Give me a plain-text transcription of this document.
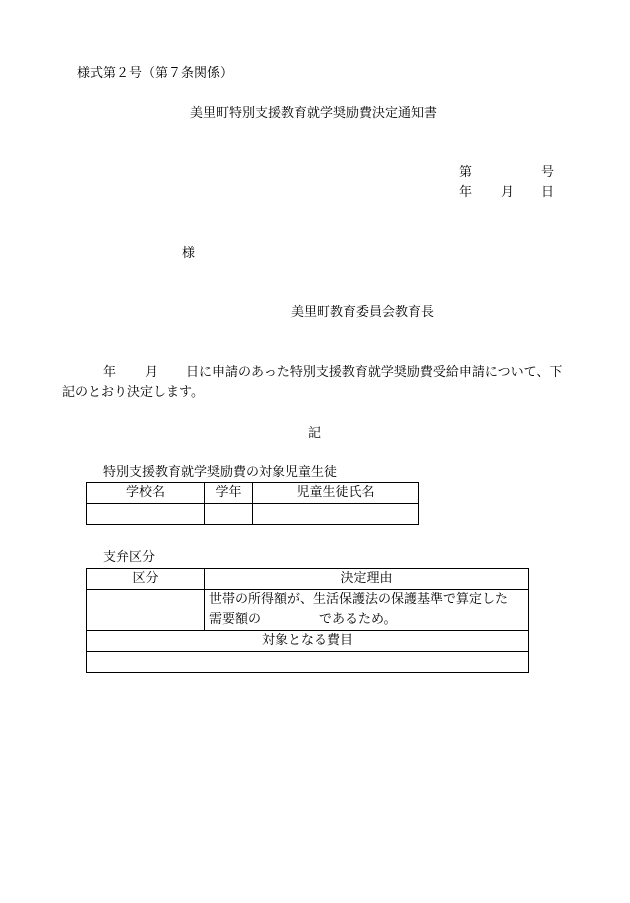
様式第２号（第７条関係）
美里町特別支援教育就学奨励費決定通知書
第	号
年 月 日
様
美里町教育委員会教育長
年 月 日に申請のあった特別支援教育就学奨励費受給申請について、下
記のとおり決定します。
記
特別支援教育就学奨励費の対象児童生徒
学校名	学年	児童生徒氏名

支弁区分
区分	決定理由

	世帯の所得額が、生活保護法の保護基準で算定した
需要額の であるため。

対象となる費目	
